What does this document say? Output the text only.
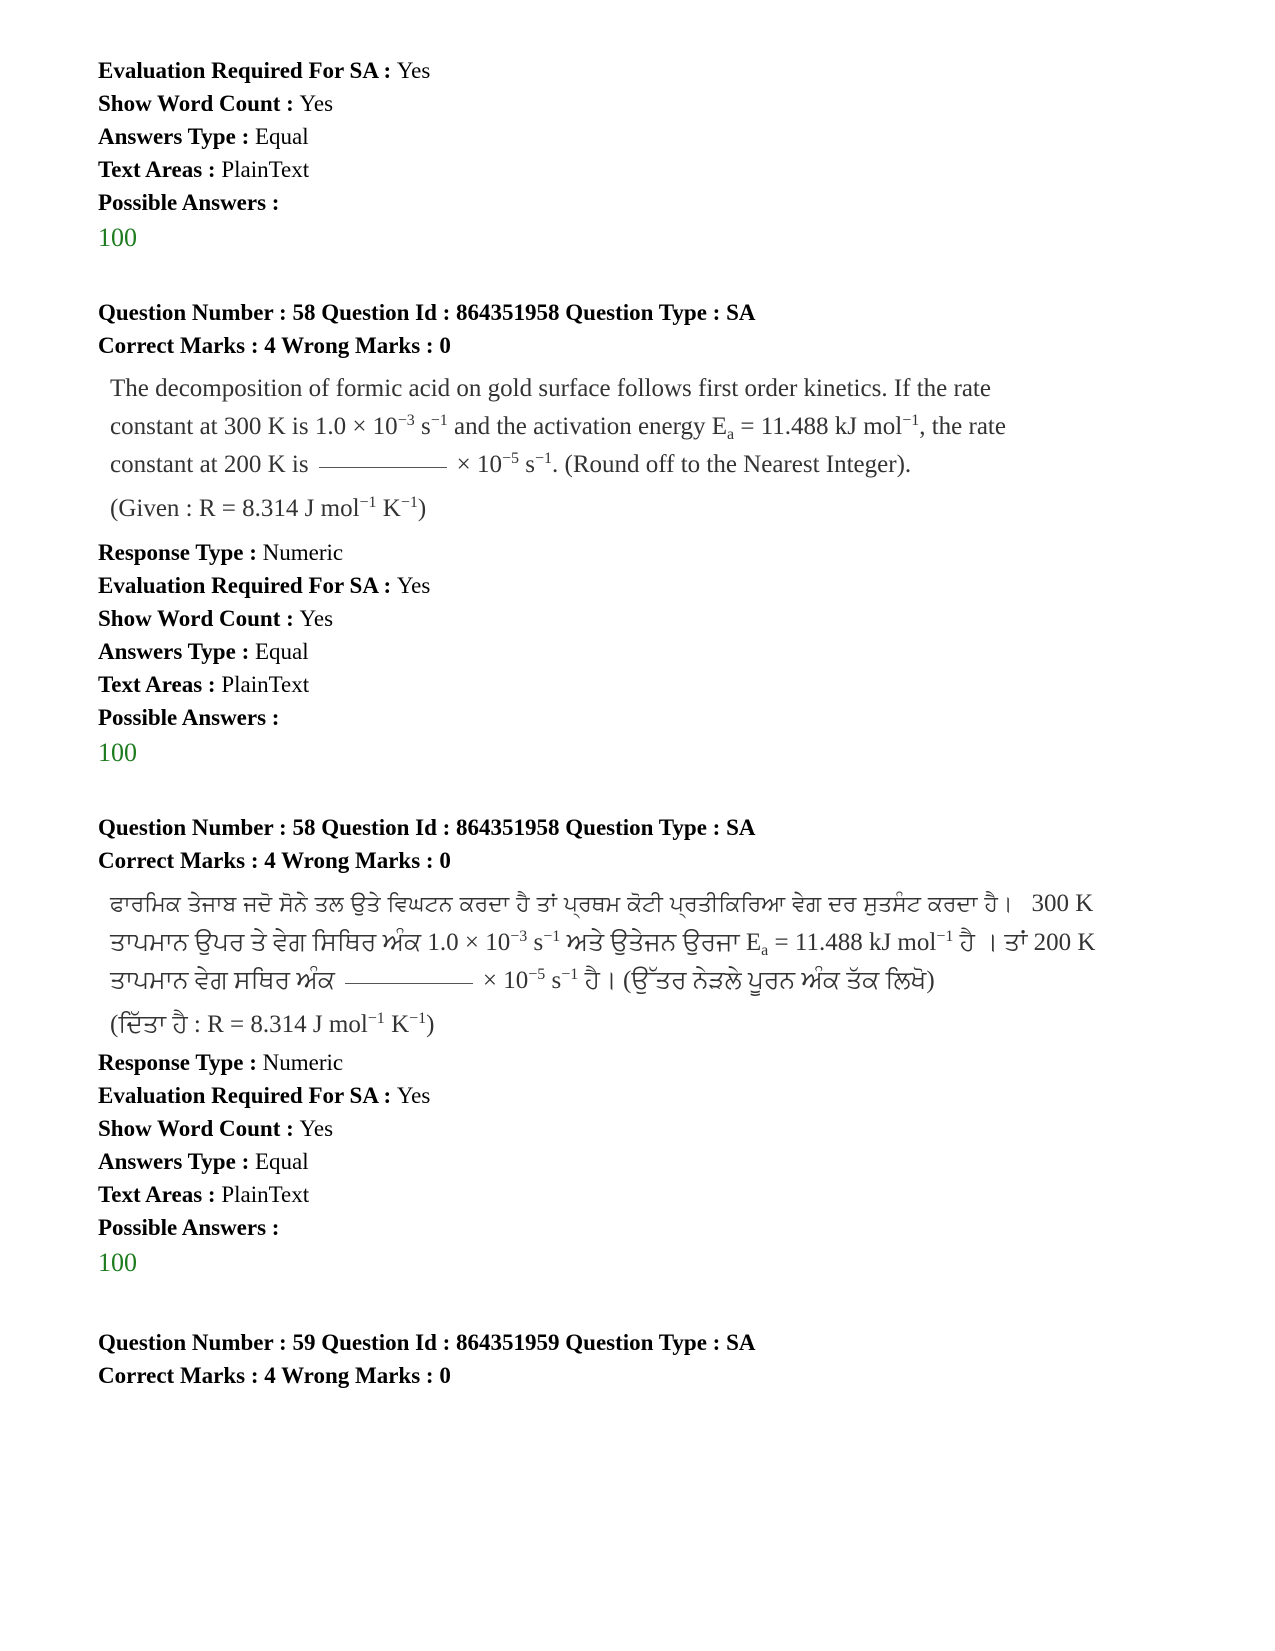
Evaluation Required For SA : Yes

Show Word Count : Yes

Answers Type : Equal

Text Areas : PlainText

Possible Answers :

100

Question Number : 58 Question Id : 864351958 Question Type : SA

Correct Marks : 4 Wrong Marks : 0

The decomposition of formic acid on gold surface follows first order kinetics. If the rate
constant at 300 K is $1.0 \times 10^{-3}$ $s^{-1}$ and the activation energy $E_a = 11.488$ kJ mol$^{-1}$, the rate
constant at 200 K is	× $10^{-5}$ $s^{-1}$. (Round off to the Nearest Integer).
(Given : R = 8.314 J mol$^{-1}$ $K^{-1}$)

Response Type : Numeric

Evaluation Required For SA : Yes

Show Word Count : Yes

Answers Type : Equal

Text Areas : PlainText

Possible Answers :

100

Question Number : 58 Question Id : 864351958 Question Type : SA

Correct Marks : 4 Wrong Marks : 0

ਫਾਰਮਿਕ ਤੇਜਾਬ ਜਦੋ ਸੋਨੇ ਤਲ ਉਤੇ ਵਿਘਟਨ ਕਰਦਾ ਹੈ ਤਾਂ ਪ੍ਰਥਮ ਕੋਟੀ ਪ੍ਰਤੀਕਿਰਿਆ ਵੇਗ ਦਰ ਸੁਤਸੰਟ ਕਰਦਾ ਹੈ। 300 K
ਤਾਪਮਾਨ ਉਪਰ ਤੇ ਵੇਗ ਸਿਥਿਰ ਅੰਕ $1.0 \times 10^{-3}$ $s^{-1}$ ਅਤੇ ਉਤੇਜਨ ਉਰਜਾ $E_a = 11.488$ kJ mol$^{-1}$ ਹੈ । ਤਾਂ 200 K
ਤਾਪਮਾਨ ਵੇਗ ਸਥਿਰ ਅੰਕ	× $10^{-5}$ $s^{-1}$ ਹੈ। (ਉੱਤਰ ਨੇੜਲੇ ਪੂਰਨ ਅੰਕ ਤੱਕ ਲਿਖੋ)
(ਦਿੱਤਾ ਹੈ : R = 8.314 J mol$^{-1}$ $K^{-1}$)

Response Type : Numeric

Evaluation Required For SA : Yes

Show Word Count : Yes

Answers Type : Equal

Text Areas : PlainText

Possible Answers :

100

Question Number : 59 Question Id : 864351959 Question Type : SA

Correct Marks : 4 Wrong Marks : 0
